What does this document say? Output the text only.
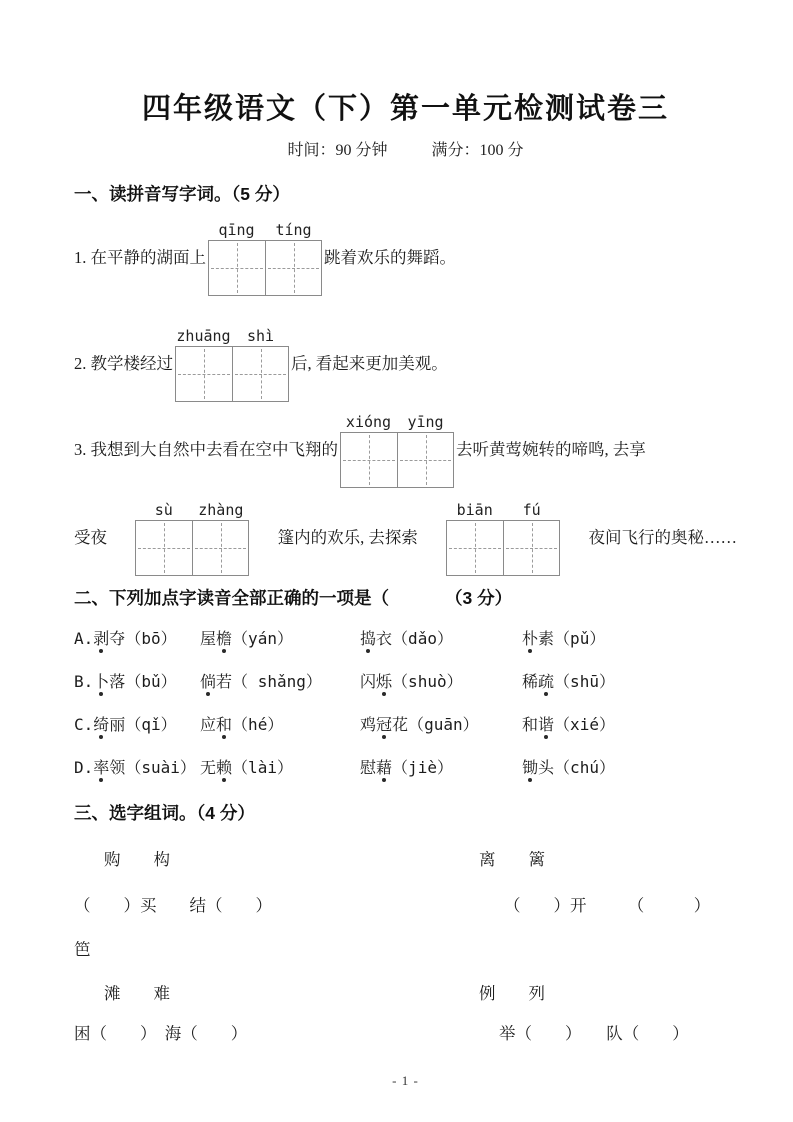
四年级语文（下）第一单元检测试卷三
时间：90 分钟	满分：100 分
一、读拼音写字词。（5 分）
1. 在平静的湖面上
qīng	tíng
跳着欢乐的舞蹈。
2. 教学楼经过
zhuāng	shì
后, 看起来更加美观。
3. 我想到大自然中去看在空中飞翔的
xióng	yīng
去听黄莺婉转的啼鸣, 去享
受夜
sù	zhàng
篷内的欢乐, 去探索
biān	fú
夜间飞行的奥秘……
二、下列加点字读音全部正确的一项是（	（3 分）
A.剥夺（bō）	屋檐（yán）	捣衣（dǎo）	朴素（pǔ）
B.卜落（bǔ）	倘若（ shǎng）	闪烁（shuò）	稀疏（shū）
C.绮丽（qǐ）	应和（hé）	鸡冠花（guān）	和谐（xié）
D.率领（suài） 无赖（lài）	慰藉（jiè）	锄头（chú）
三、选字组词。（4 分）
购　　构	离　　篱
（　　）买　　结（　　）	（　　）开　　　（　　　）
笆
滩　　难	例　　列
困（　　）　海（　　）	举（　　）　　队（　　）
- 1 -
